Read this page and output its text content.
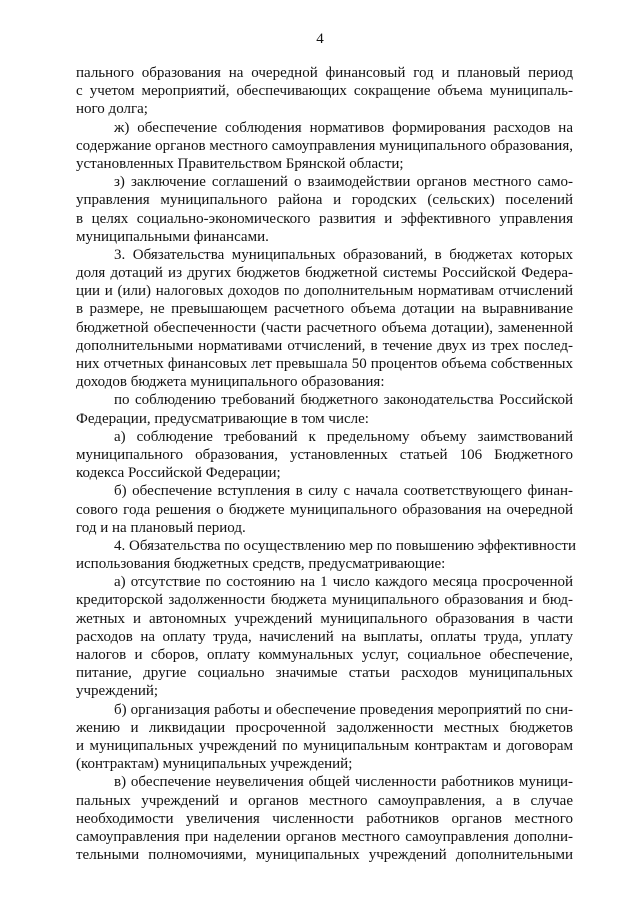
4
пального образования на очередной финансовый год и плановый период
с учетом мероприятий, обеспечивающих сокращение объема муниципаль-
ного долга;
ж) обеспечение соблюдения нормативов формирования расходов на
содержание органов местного самоуправления муниципального образования,
установленных Правительством Брянской области;
з) заключение соглашений о взаимодействии органов местного само-
управления муниципального района и городских (сельских) поселений
в целях социально-экономического развития и эффективного управления
муниципальными финансами.
3. Обязательства муниципальных образований, в бюджетах которых
доля дотаций из других бюджетов бюджетной системы Российской Федера-
ции и (или) налоговых доходов по дополнительным нормативам отчислений
в размере, не превышающем расчетного объема дотации на выравнивание
бюджетной обеспеченности (части расчетного объема дотации), замененной
дополнительными нормативами отчислений, в течение двух из трех послед-
них отчетных финансовых лет превышала 50 процентов объема собственных
доходов бюджета муниципального образования:
по соблюдению требований бюджетного законодательства Российской
Федерации, предусматривающие в том числе:
а) соблюдение требований к предельному объему заимствований
муниципального образования, установленных статьей 106 Бюджетного
кодекса Российской Федерации;
б) обеспечение вступления в силу с начала соответствующего финан-
сового года решения о бюджете муниципального образования на очередной
год и на плановый период.
4. Обязательства по осуществлению мер по повышению эффективности
использования бюджетных средств, предусматривающие:
а) отсутствие по состоянию на 1 число каждого месяца просроченной
кредиторской задолженности бюджета муниципального образования и бюд-
жетных и автономных учреждений муниципального образования в части
расходов на оплату труда, начислений на выплаты, оплаты труда, уплату
налогов и сборов, оплату коммунальных услуг, социальное обеспечение,
питание, другие социально значимые статьи расходов муниципальных
учреждений;
б) организация работы и обеспечение проведения мероприятий по сни-
жению и ликвидации просроченной задолженности местных бюджетов
и муниципальных учреждений по муниципальным контрактам и договорам
(контрактам) муниципальных учреждений;
в) обеспечение неувеличения общей численности работников муници-
пальных учреждений и органов местного самоуправления, а в случае
необходимости увеличения численности работников органов местного
самоуправления при наделении органов местного самоуправления дополни-
тельными полномочиями, муниципальных учреждений дополнительными
